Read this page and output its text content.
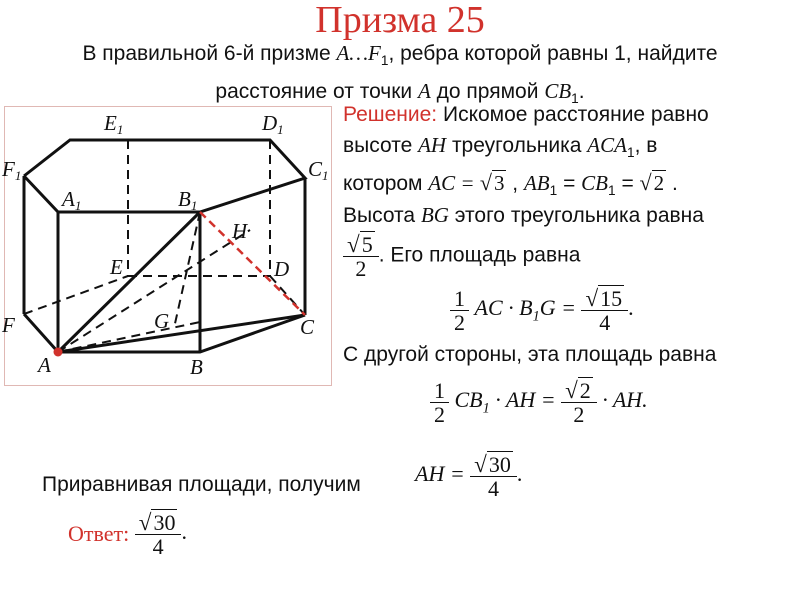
Призма 25
В правильной 6-й призме $A\dots F_1$, ребра которой равны 1, найдите
расстояние от точки A до прямой $CB_1$.
E1	D1
F1	C1
A1	B1
H
E	D
F	G	C
A	B
Решение: Искомое расстояние равно
высоте AH треугольника $ACA_1$, в
котором AC = √3 , $AB_1 = CB_1 = √2$ .
Высота BG этого треугольника равна
$\frac{√5}{2}$ . Его площадь равна
$\frac{1}{2}$ AC · $B_1G = \frac{√15}{4}$ .
С другой стороны, эта площадь равна
$\frac{1}{2} CB_1$ · AH = $\frac{√2}{2}$ · AH.
Приравнивая площади, получим AH = $\frac{√30}{4}$ .
Ответ: $\frac{√30}{4}$ .
